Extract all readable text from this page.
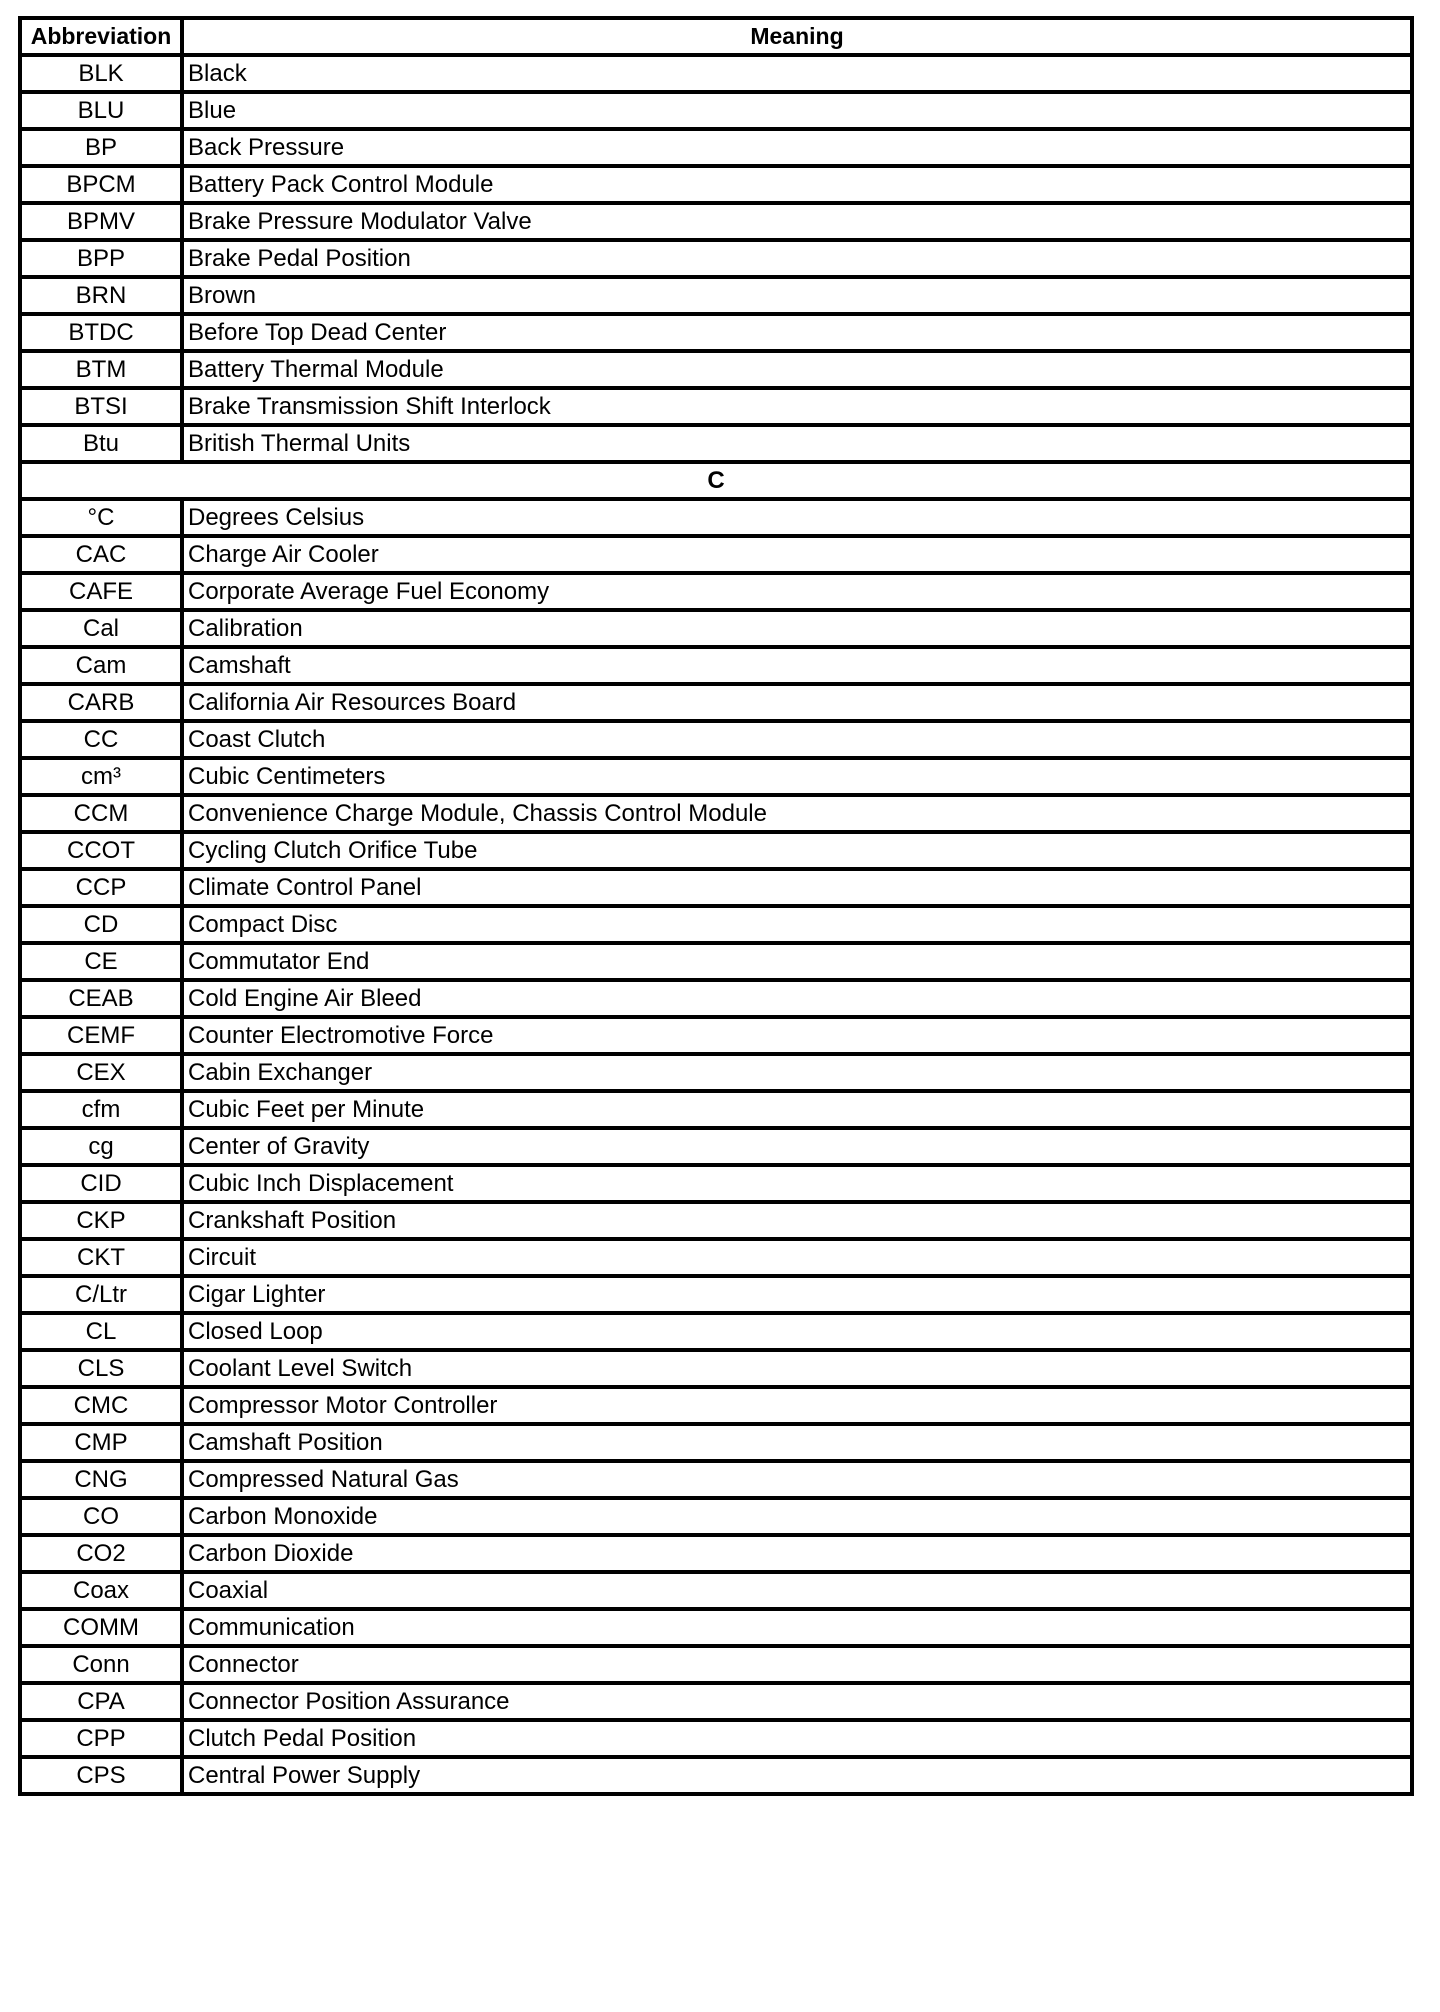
Abbreviation	Meaning
BLK	Black
BLU	Blue
BP	Back Pressure
BPCM	Battery Pack Control Module
BPMV	Brake Pressure Modulator Valve
BPP	Brake Pedal Position
BRN	Brown
BTDC	Before Top Dead Center
BTM	Battery Thermal Module
BTSI	Brake Transmission Shift Interlock
Btu	British Thermal Units
C	
°C	Degrees Celsius
CAC	Charge Air Cooler
CAFE	Corporate Average Fuel Economy
Cal	Calibration
Cam	Camshaft
CARB	California Air Resources Board
CC	Coast Clutch
cm³	Cubic Centimeters
CCM	Convenience Charge Module, Chassis Control Module
CCOT	Cycling Clutch Orifice Tube
CCP	Climate Control Panel
CD	Compact Disc
CE	Commutator End
CEAB	Cold Engine Air Bleed
CEMF	Counter Electromotive Force
CEX	Cabin Exchanger
cfm	Cubic Feet per Minute
cg	Center of Gravity
CID	Cubic Inch Displacement
CKP	Crankshaft Position
CKT	Circuit
C/Ltr	Cigar Lighter
CL	Closed Loop
CLS	Coolant Level Switch
CMC	Compressor Motor Controller
CMP	Camshaft Position
CNG	Compressed Natural Gas
CO	Carbon Monoxide
CO2	Carbon Dioxide
Coax	Coaxial
COMM	Communication
Conn	Connector
CPA	Connector Position Assurance
CPP	Clutch Pedal Position
CPS	Central Power Supply
